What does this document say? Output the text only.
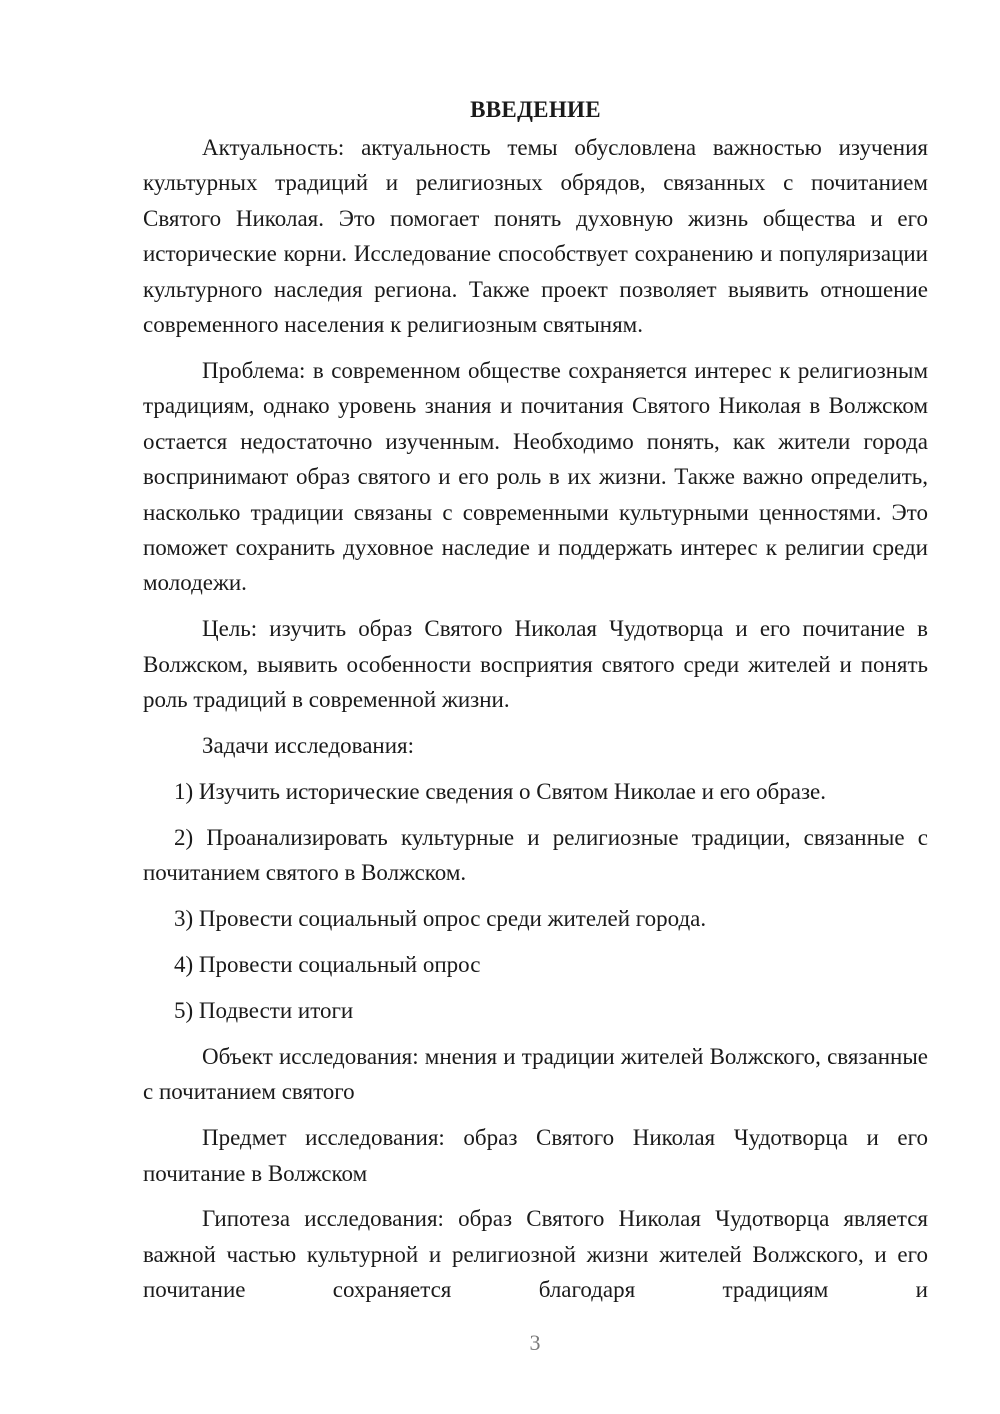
ВВЕДЕНИЕ

Актуальность: актуальность темы обусловлена важностью изучения культурных традиций и религиозных обрядов, связанных с почитанием Святого Николая. Это помогает понять духовную жизнь общества и его исторические корни. Исследование способствует сохранению и популяризации культурного наследия региона. Также проект позволяет выявить отношение современного населения к религиозным святыням.

Проблема: в современном обществе сохраняется интерес к религиозным традициям, однако уровень знания и почитания Святого Николая в Волжском остается недостаточно изученным. Необходимо понять, как жители города воспринимают образ святого и его роль в их жизни. Также важно определить, насколько традиции связаны с современными культурными ценностями. Это поможет сохранить духовное наследие и поддержать интерес к религии среди молодежи.

Цель: изучить образ Святого Николая Чудотворца и его почитание в Волжском, выявить особенности восприятия святого среди жителей и понять роль традиций в современной жизни.

Задачи исследования:

1) Изучить исторические сведения о Святом Николае и его образе.

2) Проанализировать культурные и религиозные традиции, связанные с почитанием святого в Волжском.

3) Провести социальный опрос среди жителей города.

4) Провести социальный опрос

5) Подвести итоги

Объект исследования: мнения и традиции жителей Волжского, связанные с почитанием святого

Предмет исследования: образ Святого Николая Чудотворца и его почитание в Волжском

Гипотеза исследования: образ Святого Николая Чудотворца является важной частью культурной и религиозной жизни жителей Волжского, и его почитание сохраняется благодаря традициям и

3
